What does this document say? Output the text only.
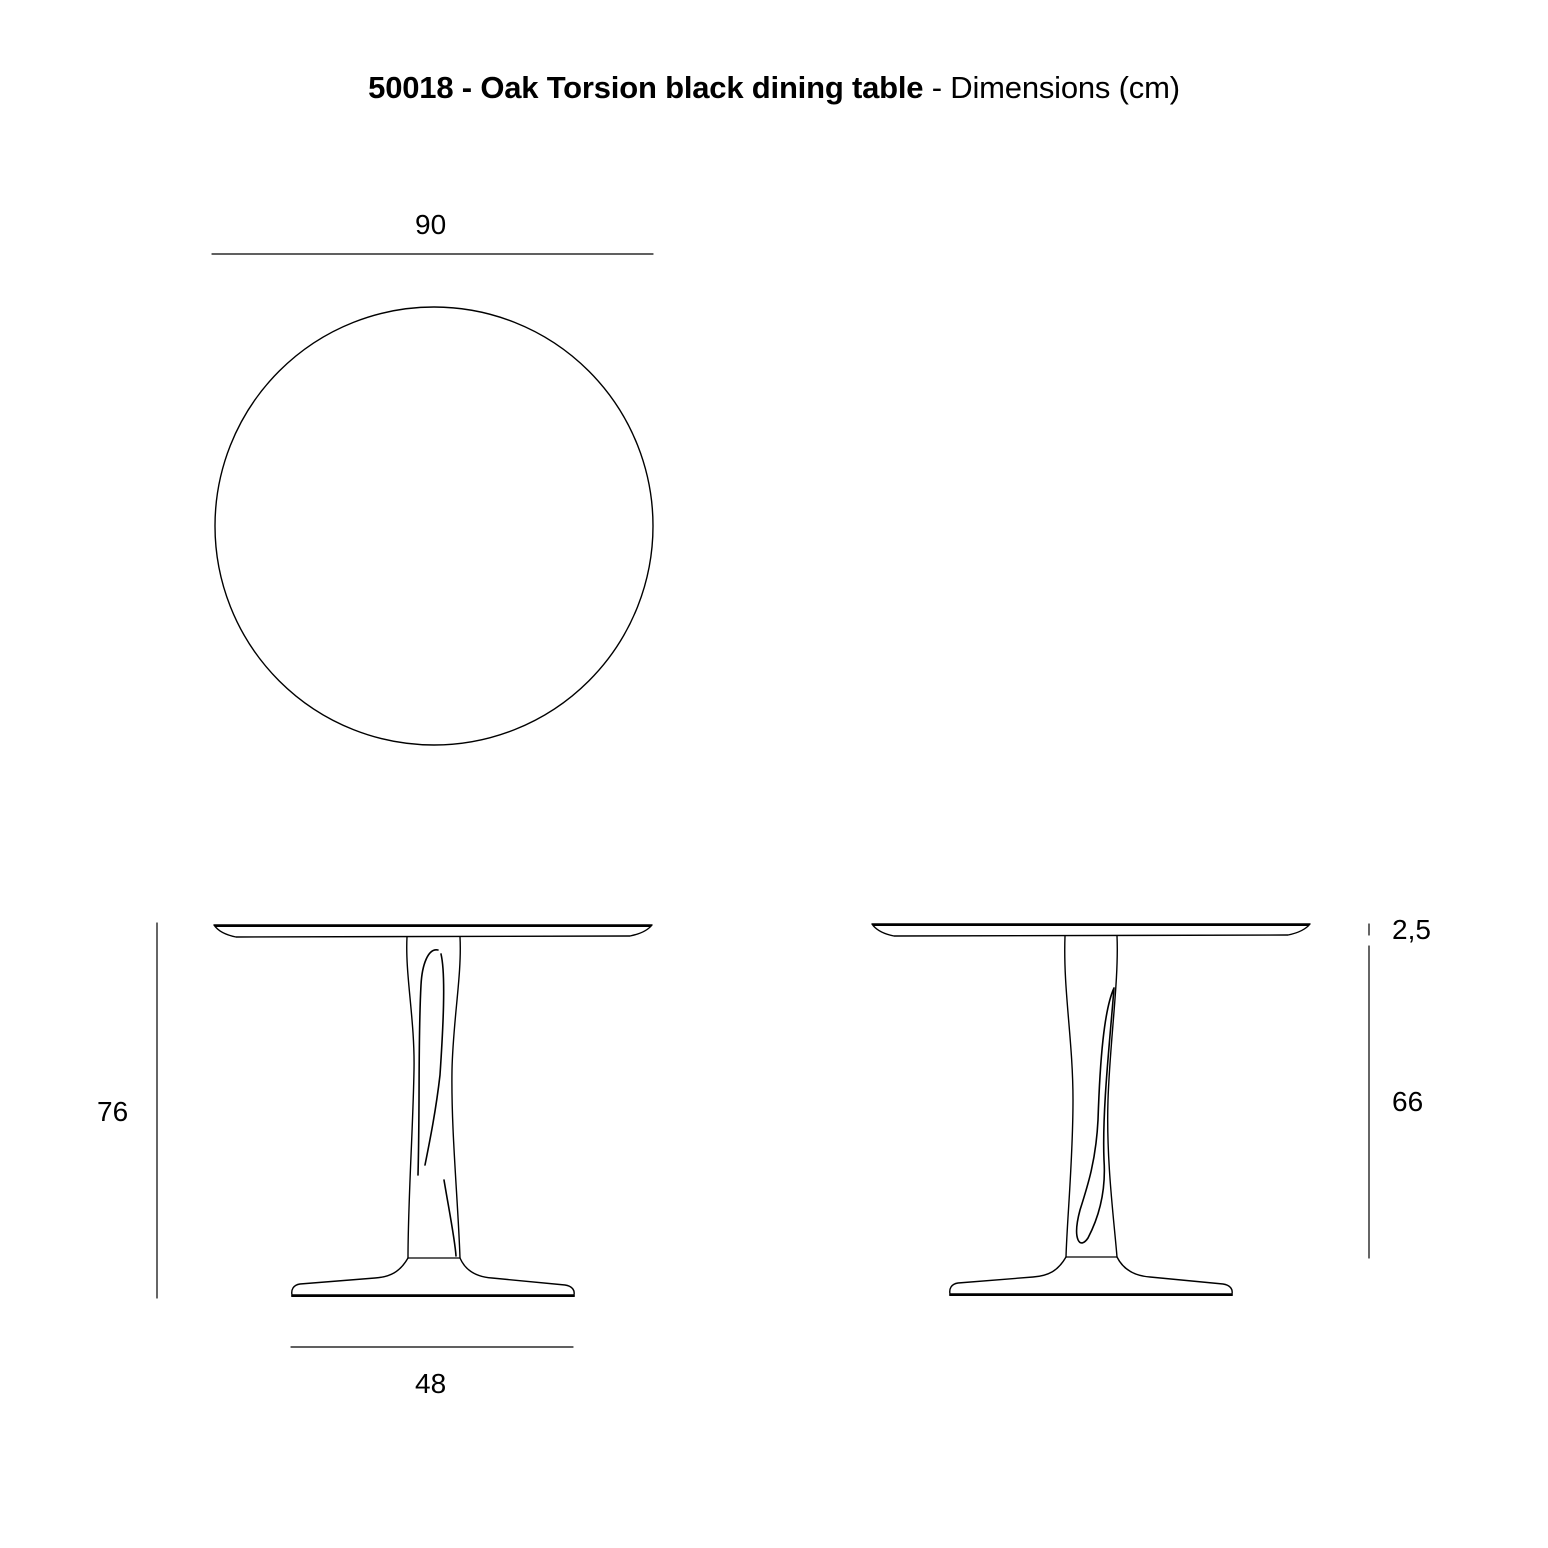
50018 - Oak Torsion black dining table - Dimensions (cm)
90
76
48
2,5
66
